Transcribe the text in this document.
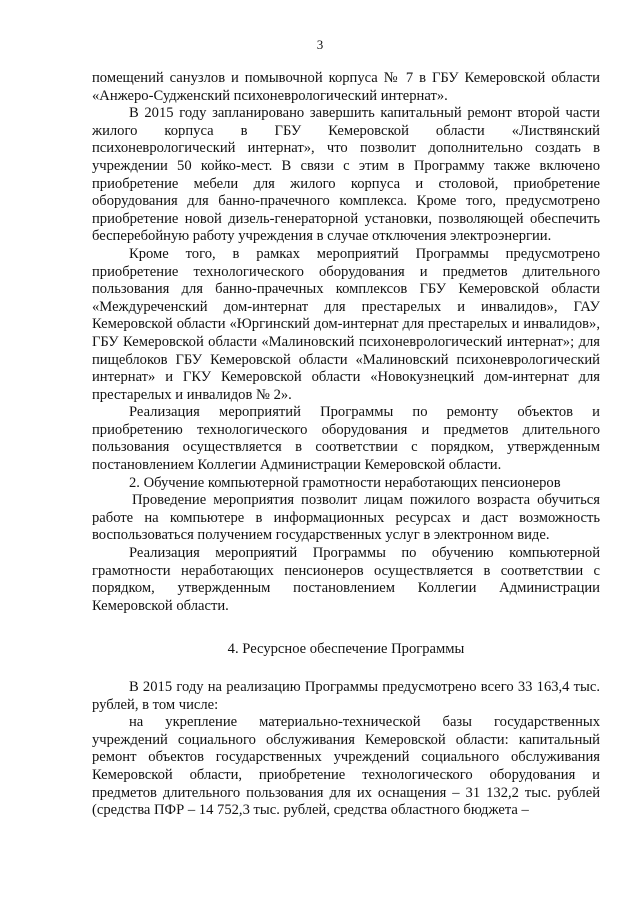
3

помещений санузлов и помывочной корпуса № 7 в ГБУ Кемеровской области «Анжеро-Судженский психоневрологический интернат».

В 2015 году запланировано завершить капитальный ремонт второй части жилого корпуса в ГБУ Кемеровской области «Листвянский психоневрологический интернат», что позволит дополнительно создать в учреждении 50 койко-мест. В связи с этим в Программу также включено приобретение мебели для жилого корпуса и столовой, приобретение оборудования для банно-прачечного комплекса. Кроме того, предусмотрено приобретение новой дизель-генераторной установки, позволяющей обеспечить бесперебойную работу учреждения в случае отключения электроэнергии.

Кроме того, в рамках мероприятий Программы предусмотрено приобретение технологического оборудования и предметов длительного пользования для банно-прачечных комплексов ГБУ Кемеровской области «Междуреченский дом-интернат для престарелых и инвалидов», ГАУ Кемеровской области «Юргинский дом-интернат для престарелых и инвалидов», ГБУ Кемеровской области «Малиновский психоневрологический интернат»; для пищеблоков ГБУ Кемеровской области «Малиновский психоневрологический интернат» и ГКУ Кемеровской области «Новокузнецкий дом-интернат для престарелых и инвалидов № 2».

Реализация мероприятий Программы по ремонту объектов и приобретению технологического оборудования и предметов длительного пользования осуществляется в соответствии с порядком, утвержденным постановлением Коллегии Администрации Кемеровской области.

2. Обучение компьютерной грамотности неработающих пенсионеров

Проведение мероприятия позволит лицам пожилого возраста обучиться работе на компьютере в информационных ресурсах и даст возможность воспользоваться получением государственных услуг в электронном виде.

Реализация мероприятий Программы по обучению компьютерной грамотности неработающих пенсионеров осуществляется в соответствии с порядком, утвержденным постановлением Коллегии Администрации Кемеровской области.

4. Ресурсное обеспечение Программы

В 2015 году на реализацию Программы предусмотрено всего 33 163,4 тыс. рублей, в том числе:

на укрепление материально-технической базы государственных учреждений социального обслуживания Кемеровской области: капитальный ремонт объектов государственных учреждений социального обслуживания Кемеровской области, приобретение технологического оборудования и предметов длительного пользования для их оснащения – 31 132,2 тыс. рублей (средства ПФР – 14 752,3 тыс. рублей, средства областного бюджета –
